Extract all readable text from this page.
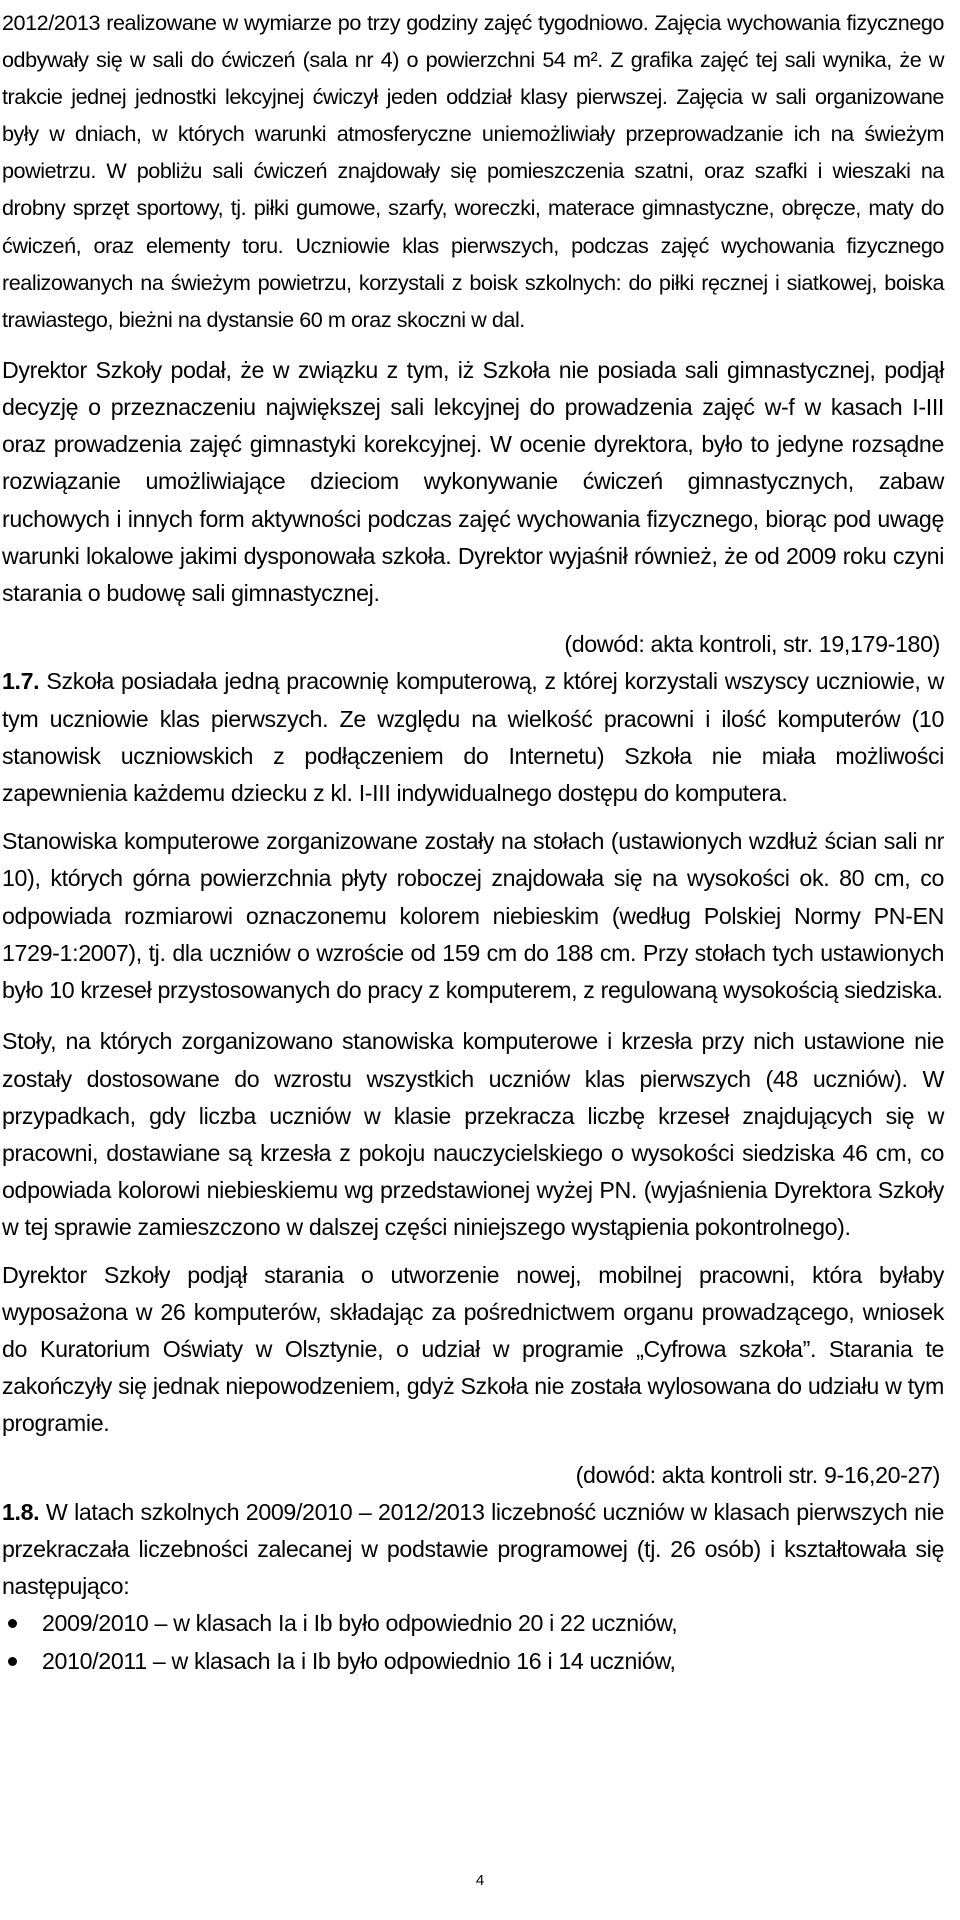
2012/2013 realizowane w wymiarze po trzy godziny zajęć tygodniowo. Zajęcia wychowania fizycznego odbywały się w sali do ćwiczeń (sala nr 4) o powierzchni 54 m². Z grafika zajęć tej sali wynika, że w trakcie jednej jednostki lekcyjnej ćwiczył jeden oddział klasy pierwszej. Zajęcia w sali organizowane były w dniach, w których warunki atmosferyczne uniemożliwiały przeprowadzanie ich na świeżym powietrzu. W pobliżu sali ćwiczeń znajdowały się pomieszczenia szatni, oraz szafki i wieszaki na drobny sprzęt sportowy, tj. piłki gumowe, szarfy, woreczki, materace gimnastyczne, obręcze, maty do ćwiczeń, oraz elementy toru. Uczniowie klas pierwszych, podczas zajęć wychowania fizycznego realizowanych na świeżym powietrzu, korzystali z boisk szkolnych: do piłki ręcznej i siatkowej, boiska trawiastego, bieżni na dystansie 60 m oraz skoczni w dal.

Dyrektor Szkoły podał, że w związku z tym, iż Szkoła nie posiada sali gimnastycznej, podjął decyzję o przeznaczeniu największej sali lekcyjnej do prowadzenia zajęć w-f w kasach I-III oraz prowadzenia zajęć gimnastyki korekcyjnej. W ocenie dyrektora, było to jedyne rozsądne rozwiązanie umożliwiające dzieciom wykonywanie ćwiczeń gimnastycznych, zabaw ruchowych i innych form aktywności podczas zajęć wychowania fizycznego, biorąc pod uwagę warunki lokalowe jakimi dysponowała szkoła. Dyrektor wyjaśnił również, że od 2009 roku czyni starania o budowę sali gimnastycznej.

(dowód: akta kontroli, str. 19,179-180)

1.7. Szkoła posiadała jedną pracownię komputerową, z której korzystali wszyscy uczniowie, w tym uczniowie klas pierwszych. Ze względu na wielkość pracowni i ilość komputerów (10 stanowisk uczniowskich z podłączeniem do Internetu) Szkoła nie miała możliwości zapewnienia każdemu dziecku z kl. I-III indywidualnego dostępu do komputera.

Stanowiska komputerowe zorganizowane zostały na stołach (ustawionych wzdłuż ścian sali nr 10), których górna powierzchnia płyty roboczej znajdowała się na wysokości ok. 80 cm, co odpowiada rozmiarowi oznaczonemu kolorem niebieskim (według Polskiej Normy PN-EN 1729-1:2007), tj. dla uczniów o wzroście od 159 cm do 188 cm. Przy stołach tych ustawionych było 10 krzeseł przystosowanych do pracy z komputerem, z regulowaną wysokością siedziska.

Stoły, na których zorganizowano stanowiska komputerowe i krzesła przy nich ustawione nie zostały dostosowane do wzrostu wszystkich uczniów klas pierwszych (48 uczniów). W przypadkach, gdy liczba uczniów w klasie przekracza liczbę krzeseł znajdujących się w pracowni, dostawiane są krzesła z pokoju nauczycielskiego o wysokości siedziska 46 cm, co odpowiada kolorowi niebieskiemu wg przedstawionej wyżej PN. (wyjaśnienia Dyrektora Szkoły w tej sprawie zamieszczono w dalszej części niniejszego wystąpienia pokontrolnego).

Dyrektor Szkoły podjął starania o utworzenie nowej, mobilnej pracowni, która byłaby wyposażona w 26 komputerów, składając za pośrednictwem organu prowadzącego, wniosek do Kuratorium Oświaty w Olsztynie, o udział w programie „Cyfrowa szkoła”. Starania te zakończyły się jednak niepowodzeniem, gdyż Szkoła nie została wylosowana do udziału w tym programie.

(dowód: akta kontroli str. 9-16,20-27)

1.8. W latach szkolnych 2009/2010 – 2012/2013 liczebność uczniów w klasach pierwszych nie przekraczała liczebności zalecanej w podstawie programowej (tj. 26 osób) i kształtowała się następująco:

2009/2010 – w klasach Ia i Ib było odpowiednio 20 i 22 uczniów,
2010/2011 – w klasach Ia i Ib było odpowiednio 16 i 14 uczniów,
4
